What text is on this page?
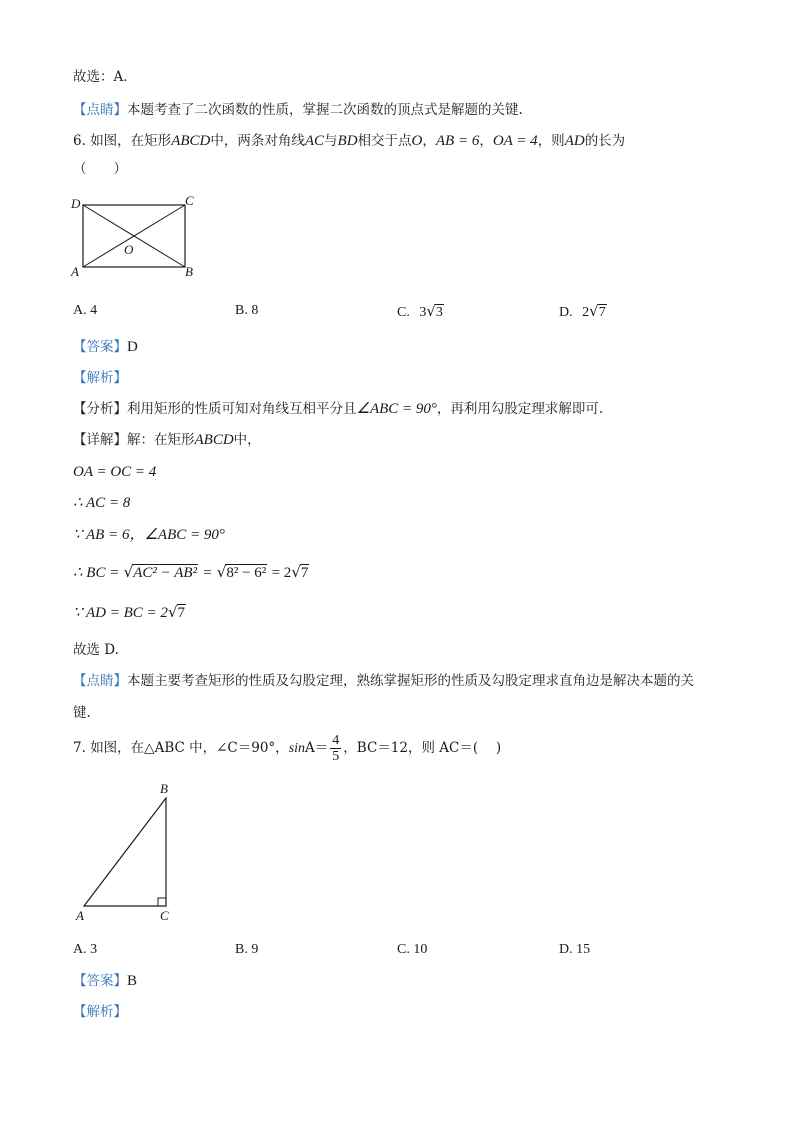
故选：A．
【点睛】本题考查了二次函数的性质，掌握二次函数的顶点式是解题的关键.
6. 如图，在矩形ABCD中，两条对角线AC与BD相交于点O，AB = 6，OA = 4，则AD的长为
（　　）
D	C
A	B
O
A. 4	B. 8	C. 3√3	D. 2√7
【答案】D
【解析】
【分析】利用矩形的性质可知对角线互相平分且∠ABC = 90°，再利用勾股定理求解即可.
【详解】解：在矩形ABCD中，
OA = OC = 4
∴ AC = 8
∵ AB = 6，∠ABC = 90°
∴ BC = √AC² − AB² = √8² − 6² = 2√7
∵ AD = BC = 2√7
故选 D.
【点睛】本题主要考查矩形的性质及勾股定理，熟练掌握矩形的性质及勾股定理求直角边是解决本题的关
键.
7. 如图，在△ABC 中，∠C＝90°，$\sin A= \frac{4}{5}$ ，BC＝12，则 AC＝(　 )
B
A	C
A. 3	B. 9	C. 10	D. 15
【答案】B
【解析】
